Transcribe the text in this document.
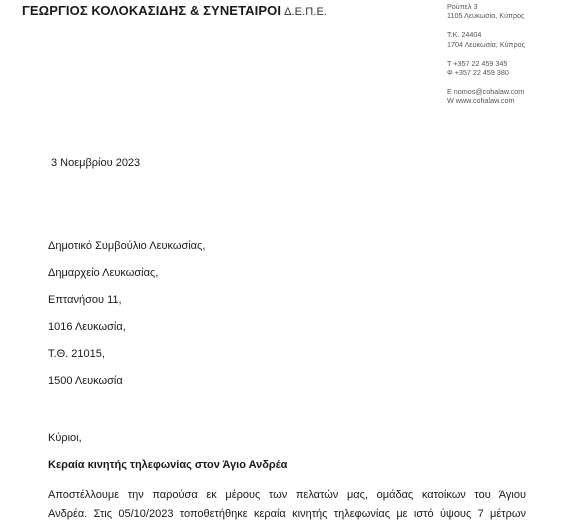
ΓΕΩΡΓΙΟΣ ΚΟΛΟΚΑΣΙΔΗΣ & ΣΥΝΕΤΑΙΡΟΙ Δ.Ε.Π.Ε.	Ρούπελ 3
1105 Λευκωσία, Κύπρος
Τ.Κ. 24404
1704 Λευκωσία, Κύπρος
T +357 22 459 345
Φ +357 22 459 380
E nomos@cohalaw.com
W www.cohalaw.com
3 Νοεμβρίου 2023
Δημοτικό Συμβούλιο Λευκωσίας,
Δημαρχείο Λευκωσίας,
Επτανήσου 11,
1016 Λευκωσία,
Τ.Θ. 21015,
1500 Λευκωσία
Κύριοι,
Κεραία κινητής τηλεφωνίας στον Άγιο Ανδρέα
Αποστέλλουμε την παρούσα εκ μέρους των πελατών μας, ομάδας κατοίκων του Άγιου
Ανδρέα. Στις 05/10/2023 τοποθετήθηκε κεραία κινητής τηλεφωνίας με ιστό ύψους 7 μέτρων
